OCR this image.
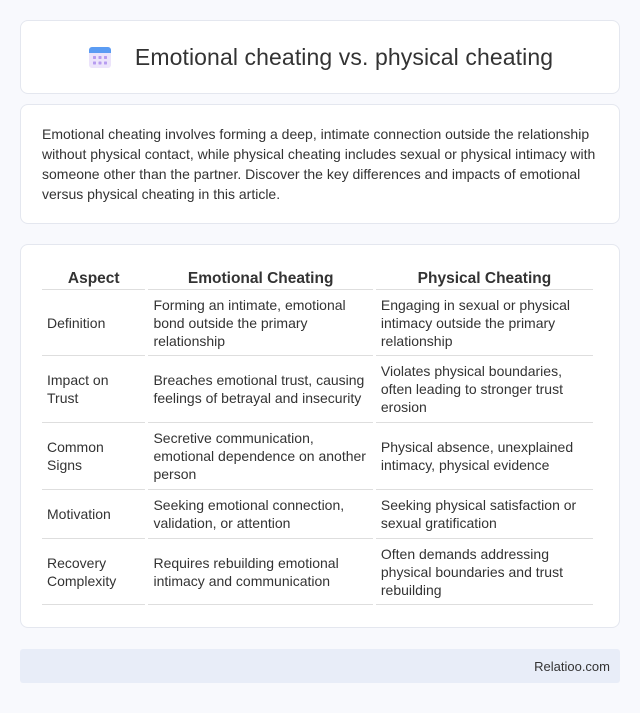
Emotional cheating vs. physical cheating

Emotional cheating involves forming a deep, intimate connection outside the relationship without physical contact, while physical cheating includes sexual or physical intimacy with someone other than the partner. Discover the key differences and impacts of emotional versus physical cheating in this article.

Aspect	Emotional Cheating	Physical Cheating
Definition	Forming an intimate, emotional bond outside the primary relationship	Engaging in sexual or physical intimacy outside the primary relationship
Impact on Trust	Breaches emotional trust, causing feelings of betrayal and insecurity	Violates physical boundaries, often leading to stronger trust erosion
Common Signs	Secretive communication, emotional dependence on another person	Physical absence, unexplained intimacy, physical evidence
Motivation	Seeking emotional connection, validation, or attention	Seeking physical satisfaction or sexual gratification
Recovery Complexity	Requires rebuilding emotional intimacy and communication	Often demands addressing physical boundaries and trust rebuilding
Relatioo.com
